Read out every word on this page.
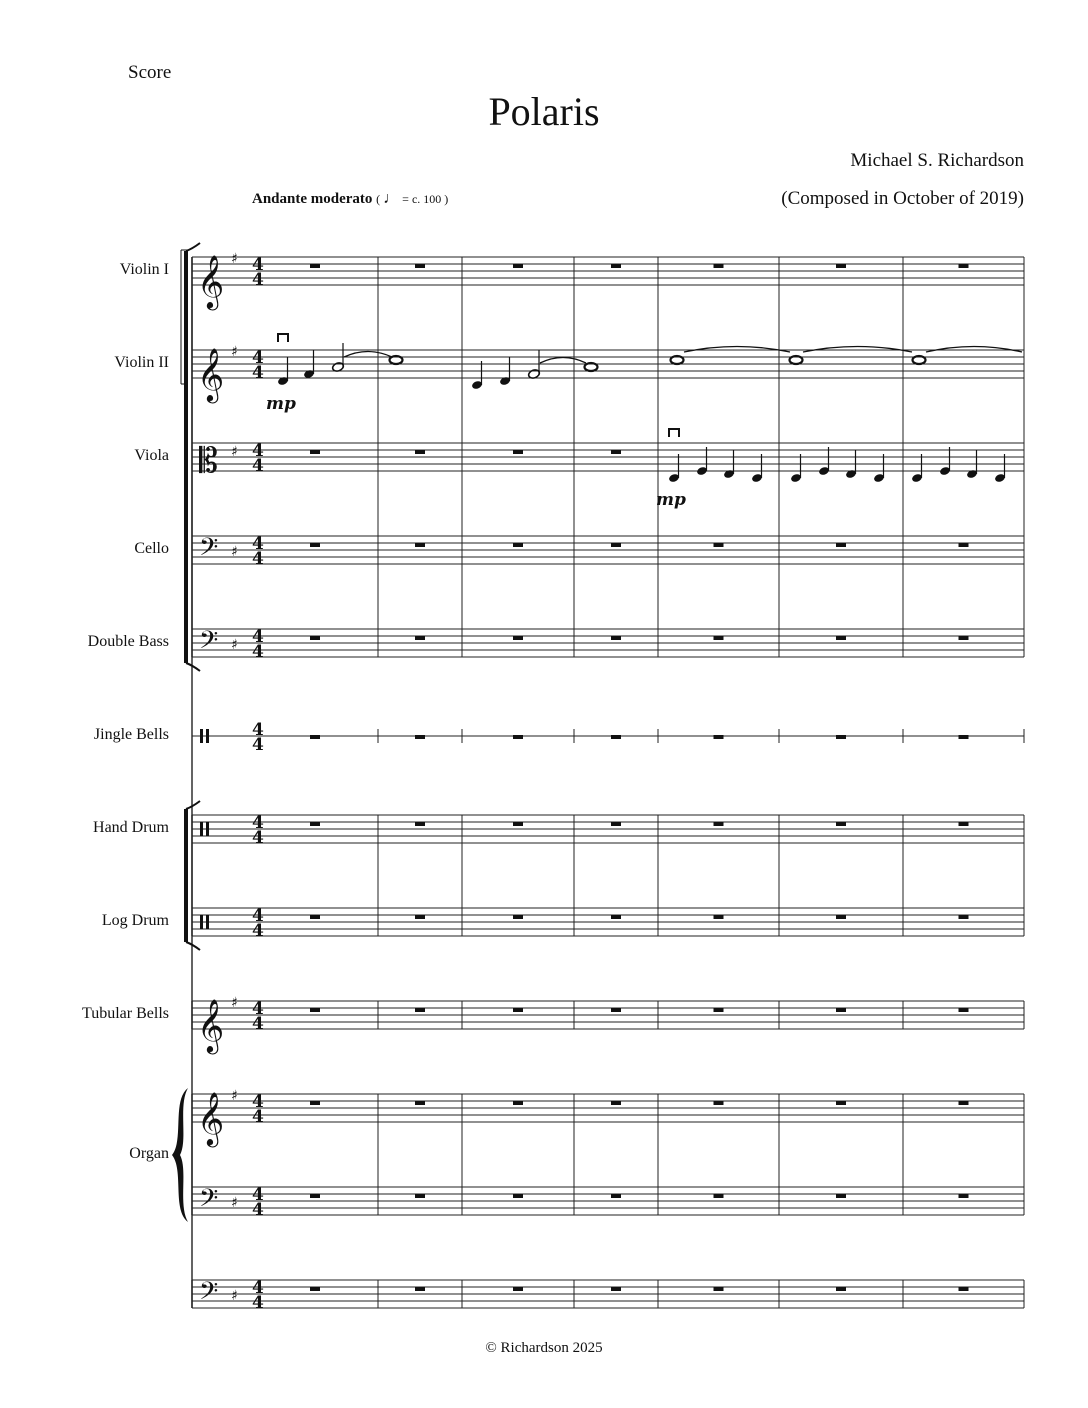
Score
Polaris
Michael S. Richardson
(Composed in October of 2019)
Andante moderato ( ♩ = c. 100 )
Violin I
Violin II
Viola
Cello
Double Bass
Jingle Bells
Hand Drum
Log Drum
Tubular Bells
Organ
𝄞 ♯ 4
4
𝄞 ♯ 4
4
𝄡 ♯ 4
4
𝄢 ♯ 4
4
𝄢 ♯ 4
4
4
4
4
4
4
4
𝄞 ♯ 4
4
𝄞 ♯ 4
4
𝄢 ♯ 4
4
𝄢 ♯ 4
4
mp
mp
© Richardson 2025
